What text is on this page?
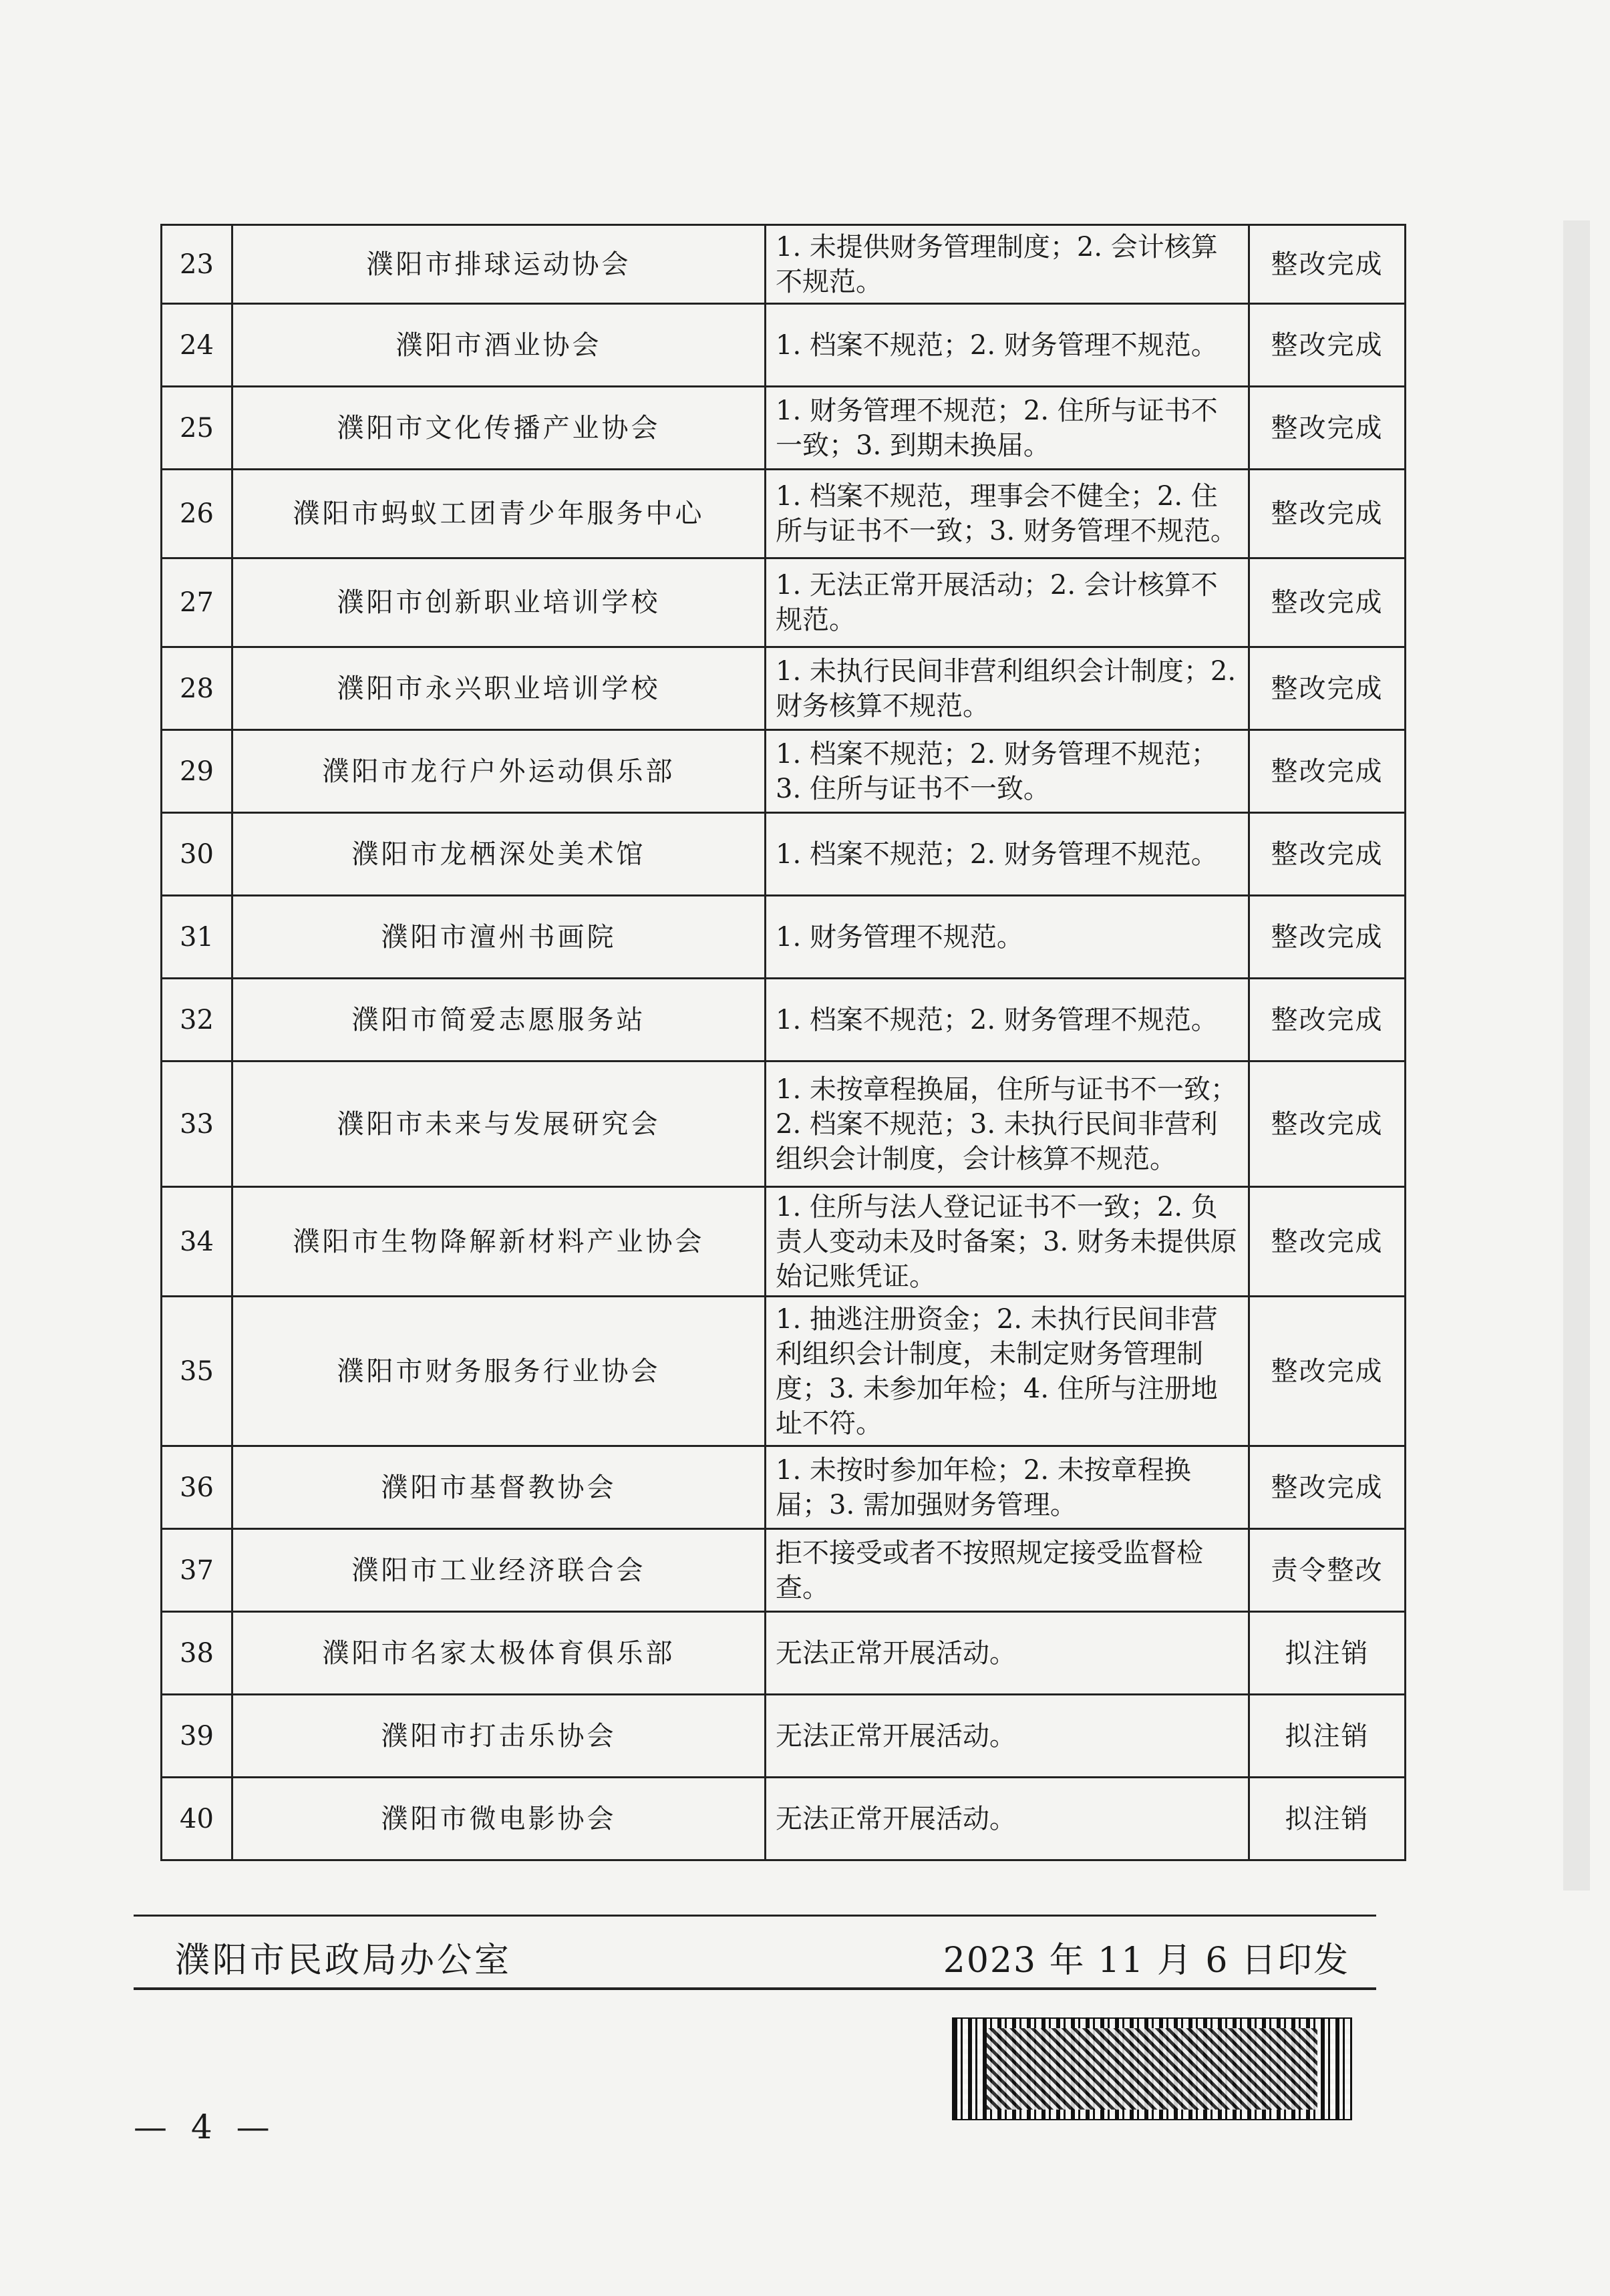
23	濮阳市排球运动协会	1. 未提供财务管理制度；2. 会计核算不规范。	整改完成
24	濮阳市酒业协会	1. 档案不规范；2. 财务管理不规范。	整改完成
25	濮阳市文化传播产业协会	1. 财务管理不规范；2. 住所与证书不一致；3. 到期未换届。	整改完成
26	濮阳市蚂蚁工团青少年服务中心	1. 档案不规范，理事会不健全；2. 住所与证书不一致；3. 财务管理不规范。	整改完成
27	濮阳市创新职业培训学校	1. 无法正常开展活动；2. 会计核算不规范。	整改完成
28	濮阳市永兴职业培训学校	1. 未执行民间非营利组织会计制度；2. 财务核算不规范。	整改完成
29	濮阳市龙行户外运动俱乐部	1. 档案不规范；2. 财务管理不规范；3. 住所与证书不一致。	整改完成
30	濮阳市龙栖深处美术馆	1. 档案不规范；2. 财务管理不规范。	整改完成
31	濮阳市澶州书画院	1. 财务管理不规范。	整改完成
32	濮阳市简爱志愿服务站	1. 档案不规范；2. 财务管理不规范。	整改完成
33	濮阳市未来与发展研究会	1. 未按章程换届，住所与证书不一致；2. 档案不规范；3. 未执行民间非营利组织会计制度，会计核算不规范。	整改完成
34	濮阳市生物降解新材料产业协会	1. 住所与法人登记证书不一致；2. 负责人变动未及时备案；3. 财务未提供原始记账凭证。	整改完成
35	濮阳市财务服务行业协会	1. 抽逃注册资金；2. 未执行民间非营利组织会计制度，未制定财务管理制度；3. 未参加年检；4. 住所与注册地址不符。	整改完成
36	濮阳市基督教协会	1. 未按时参加年检；2. 未按章程换届；3. 需加强财务管理。	整改完成
37	濮阳市工业经济联合会	拒不接受或者不按照规定接受监督检查。	责令整改
38	濮阳市名家太极体育俱乐部	无法正常开展活动。	拟注销
39	濮阳市打击乐协会	无法正常开展活动。	拟注销
40	濮阳市微电影协会	无法正常开展活动。	拟注销
濮阳市民政局办公室	2023 年 11 月 6 日印发
— 4 —
